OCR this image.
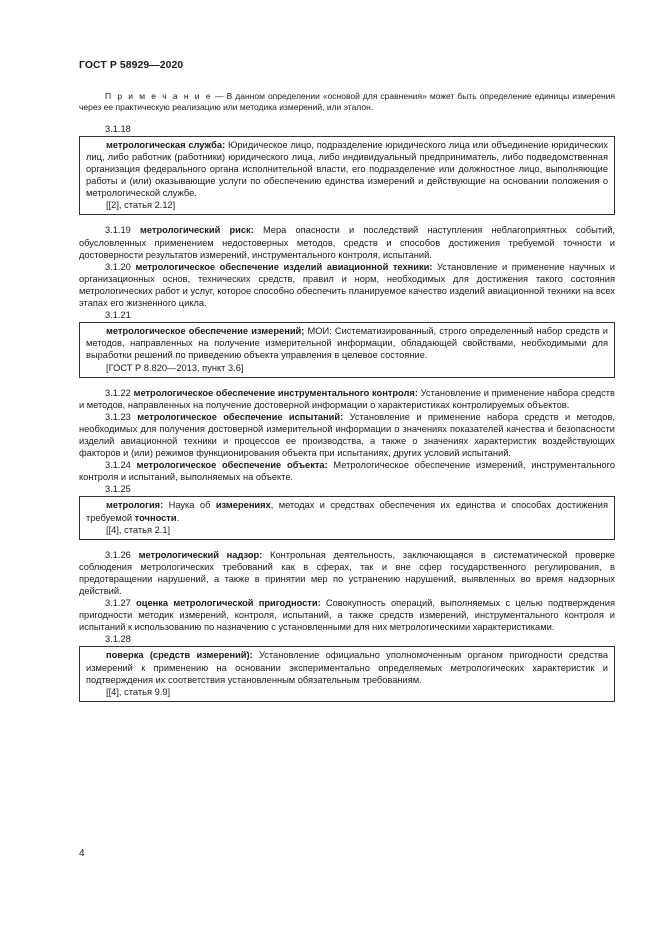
ГОСТ Р 58929—2020
П р и м е ч а н и е — В данном определении «основой для сравнения» может быть определение единицы измерения через ее практическую реализацию или методика измерений, или эталон.
3.1.18

метрологическая служба: Юридическое лицо, подразделение юридического лица или объединение юридических лиц, либо работник (работники) юридического лица, либо индивидуальный предприниматель, либо подведомственная организация федерального органа исполнительной власти, его подразделение или должностное лицо, выполняющие работы и (или) оказывающие услуги по обеспечению единства измерений и действующие на основании положения о метрологической службе.

[[2], статья 2.12]

3.1.19 метрологический риск: Мера опасности и последствий наступления неблагоприятных событий, обусловленных применением недостоверных методов, средств и способов достижения требуемой точности и достоверности результатов измерений, инструментального контроля, испытаний.

3.1.20 метрологическое обеспечение изделий авиационной техники: Установление и применение научных и организационных основ, технических средств, правил и норм, необходимых для достижения такого состояния метрологических работ и услуг, которое способно обеспечить планируемое качество изделий авиационной техники на всех этапах его жизненного цикла.

3.1.21

метрологическое обеспечение измерений; МОИ: Систематизированный, строго определенный набор средств и методов, направленных на получение измерительной информации, обладающей свойствами, необходимыми для выработки решений по приведению объекта управления в целевое состояние.

[ГОСТ Р 8.820—2013, пункт 3.6]

3.1.22 метрологическое обеспечение инструментального контроля: Установление и применение набора средств и методов, направленных на получение достоверной информации о характеристиках контролируемых объектов.

3.1.23 метрологическое обеспечение испытаний: Установление и применение набора средств и методов, необходимых для получения достоверной измерительной информации о значениях показателей качества и безопасности изделий авиационной техники и процессов ее производства, а также о значениях характеристик воздействующих факторов и (или) режимов функционирования объекта при испытаниях, других условий испытаний.

3.1.24 метрологическое обеспечение объекта: Метрологическое обеспечение измерений, инструментального контроля и испытаний, выполняемых на объекте.

3.1.25

метрология: Наука об измерениях, методах и средствах обеспечения их единства и способах достижения требуемой точности.

[[4], статья 2.1]

3.1.26 метрологический надзор: Контрольная деятельность, заключающаяся в систематической проверке соблюдения метрологических требований как в сферах, так и вне сфер государственного регулирования, в предотвращении нарушений, а также в принятии мер по устранению нарушений, выявленных во время надзорных действий.

3.1.27 оценка метрологической пригодности: Совокупность операций, выполняемых с целью подтверждения пригодности методик измерений, контроля, испытаний, а также средств измерений, инструментального контроля и испытаний к использованию по назначению с установленными для них метрологическими характеристиками.

3.1.28

поверка (средств измерений): Установление официально уполномоченным органом пригодности средства измерений к применению на основании экспериментально определяемых метрологических характеристик и подтверждения их соответствия установленным обязательным требованиям.

[[4], статья 9.9]

4
